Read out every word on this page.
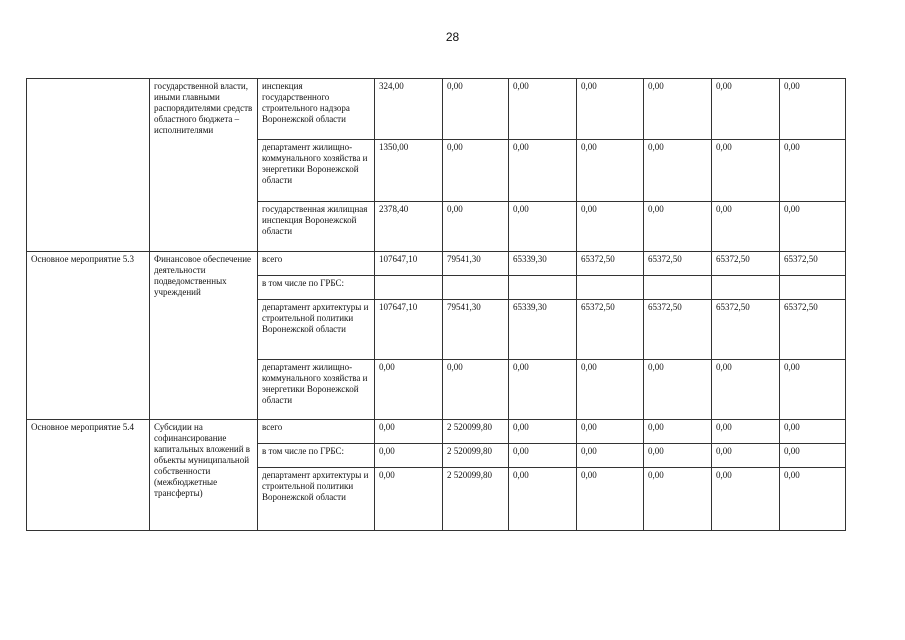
28
	государственной власти, иными главными распорядителями средств областного бюджета – исполнителями	инспекция государственного строительного надзора Воронежской области	324,00	0,00	0,00	0,00	0,00	0,00	0,00
		департамент жилищно-коммунального хозяйства и энергетики Воронежской области	1350,00	0,00	0,00	0,00	0,00	0,00	0,00
		государственная жилищная инспекция Воронежской области	2378,40	0,00	0,00	0,00	0,00	0,00	0,00
Основное мероприятие 5.3	Финансовое обеспечение деятельности подведомственных учреждений	всего	107647,10	79541,30	65339,30	65372,50	65372,50	65372,50	65372,50
		в том числе по ГРБС:							
		департамент архитектуры и строительной политики Воронежской области	107647,10	79541,30	65339,30	65372,50	65372,50	65372,50	65372,50
		департамент жилищно-коммунального хозяйства и энергетики Воронежской области	0,00	0,00	0,00	0,00	0,00	0,00	0,00
Основное мероприятие 5.4	Субсидии на софинансирование капитальных вложений в объекты муниципальной собственности (межбюджетные трансферты)	всего	0,00	2 520099,80	0,00	0,00	0,00	0,00	0,00
		в том числе по ГРБС:	0,00	2 520099,80	0,00	0,00	0,00	0,00	0,00
		департамент архитектуры и строительной политики Воронежской области	0,00	2 520099,80	0,00	0,00	0,00	0,00	0,00
